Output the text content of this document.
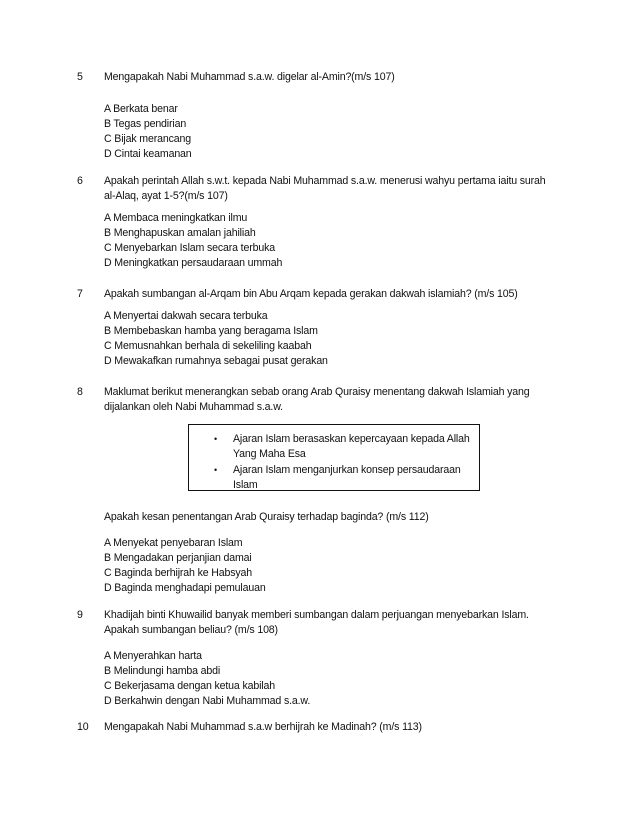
5 Mengapakah Nabi Muhammad s.a.w. digelar al-Amin?(m/s 107)
A Berkata benar
B Tegas pendirian
C Bijak merancang
D Cintai keamanan
6 Apakah perintah Allah s.w.t. kepada Nabi Muhammad s.a.w. menerusi wahyu pertama iaitu surah
al-Alaq, ayat 1-5?(m/s 107)
A Membaca meningkatkan ilmu
B Menghapuskan amalan jahiliah
C Menyebarkan Islam secara terbuka
D Meningkatkan persaudaraan ummah
7 Apakah sumbangan al-Arqam bin Abu Arqam kepada gerakan dakwah islamiah? (m/s 105)
A Menyertai dakwah secara terbuka
B Membebaskan hamba yang beragama Islam
C Memusnahkan berhala di sekeliling kaabah
D Mewakafkan rumahnya sebagai pusat gerakan
8 Maklumat berikut menerangkan sebab orang Arab Quraisy menentang dakwah Islamiah yang
dijalankan oleh Nabi Muhammad s.a.w.
• Ajaran Islam berasaskan kepercayaan kepada Allah
Yang Maha Esa
• Ajaran Islam menganjurkan konsep persaudaraan
Islam
Apakah kesan penentangan Arab Quraisy terhadap baginda? (m/s 112)
A Menyekat penyebaran Islam
B Mengadakan perjanjian damai
C Baginda berhijrah ke Habsyah
D Baginda menghadapi pemulauan
9 Khadijah binti Khuwailid banyak memberi sumbangan dalam perjuangan menyebarkan Islam.
Apakah sumbangan beliau? (m/s 108)
A Menyerahkan harta
B Melindungi hamba abdi
C Bekerjasama dengan ketua kabilah
D Berkahwin dengan Nabi Muhammad s.a.w.
10 Mengapakah Nabi Muhammad s.a.w berhijrah ke Madinah? (m/s 113)
